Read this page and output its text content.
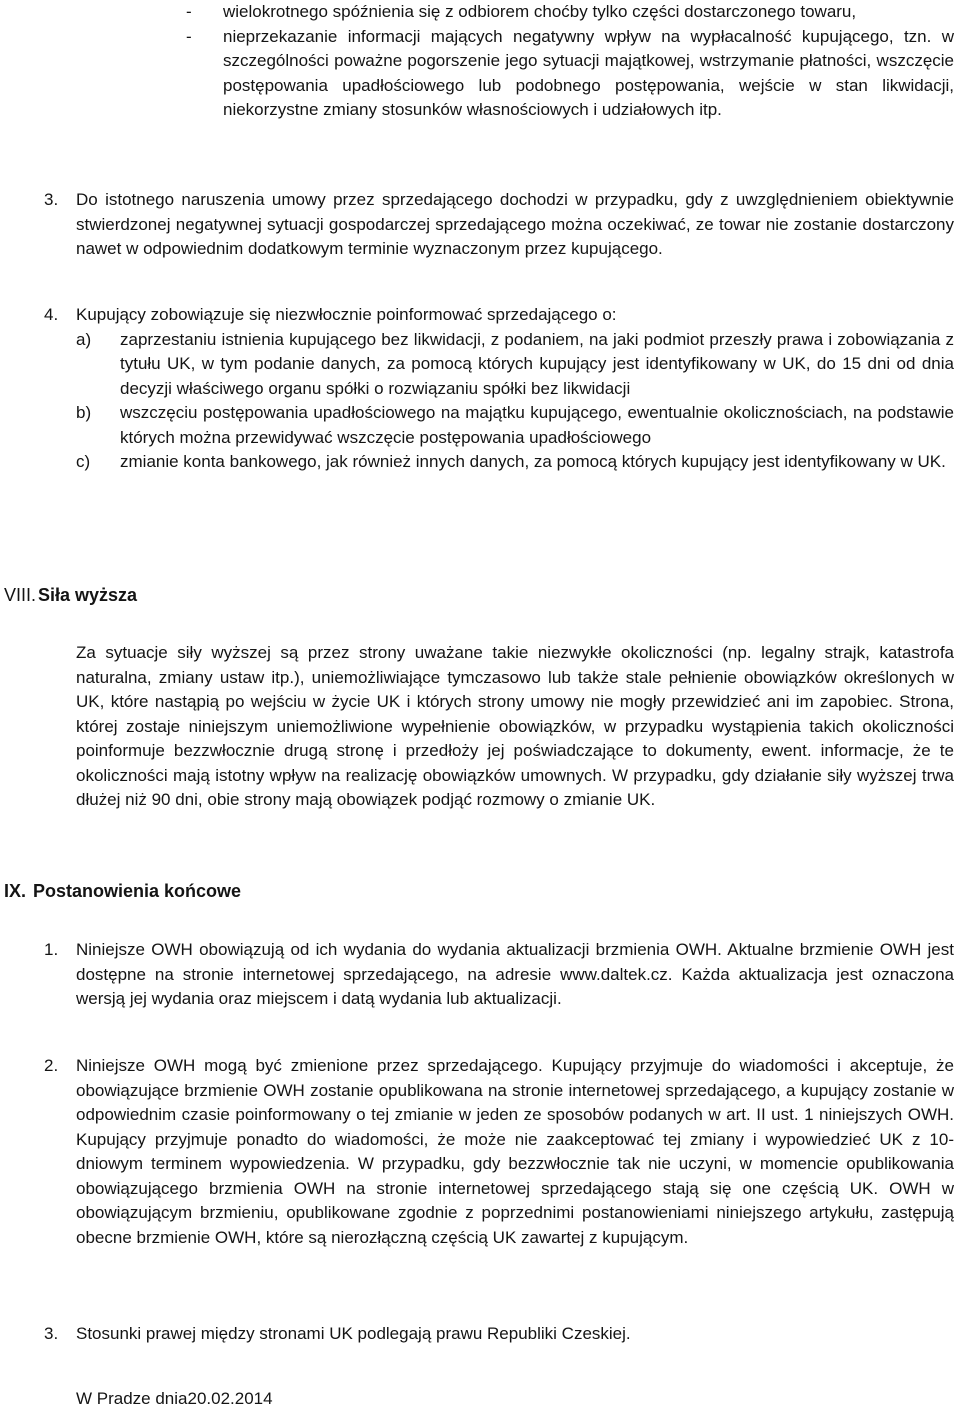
- wielokrotnego spóźnienia się z odbiorem choćby tylko części dostarczonego towaru,

- nieprzekazanie informacji mających negatywny wpływ na wypłacalność kupującego, tzn. w szczególności poważne pogorszenie jego sytuacji majątkowej, wstrzymanie płatności, wszczęcie postępowania upadłościowego lub podobnego postępowania, wejście w stan likwidacji, niekorzystne zmiany stosunków własnościowych i udziałowych itp.

3. Do istotnego naruszenia umowy przez sprzedającego dochodzi w przypadku, gdy z uwzględnieniem obiektywnie stwierdzonej negatywnej sytuacji gospodarczej sprzedającego można oczekiwać, ze towar nie zostanie dostarczony nawet w odpowiednim dodatkowym terminie wyznaczonym przez kupującego.

4. Kupujący zobowiązuje się niezwłocznie poinformować sprzedającego o:

a) zaprzestaniu istnienia kupującego bez likwidacji, z podaniem, na jaki podmiot przeszły prawa i zobowiązania z tytułu UK, w tym podanie danych, za pomocą których kupujący jest identyfikowany w UK, do 15 dni od dnia decyzji właściwego organu spółki o rozwiązaniu spółki bez likwidacji

b) wszczęciu postępowania upadłościowego na majątku kupującego, ewentualnie okolicznościach, na podstawie których można przewidywać wszczęcie postępowania upadłościowego

c) zmianie konta bankowego, jak również innych danych, za pomocą których kupujący jest identyfikowany w UK.

VIII. Siła wyższa

Za sytuacje siły wyższej są przez strony uważane takie niezwykłe okoliczności (np. legalny strajk, katastrofa naturalna, zmiany ustaw itp.), uniemożliwiające tymczasowo lub także stale pełnienie obowiązków określonych w UK, które nastąpią po wejściu w życie UK i których strony umowy nie mogły przewidzieć ani im zapobiec. Strona, której zostaje niniejszym uniemożliwione wypełnienie obowiązków, w przypadku wystąpienia takich okoliczności poinformuje bezzwłocznie drugą stronę i przedłoży jej poświadczające to dokumenty, ewent. informacje, że te okoliczności mają istotny wpływ na realizację obowiązków umownych. W przypadku, gdy działanie siły wyższej trwa dłużej niż 90 dni, obie strony mają obowiązek podjąć rozmowy o zmianie UK.

IX. Postanowienia końcowe
1. Niniejsze OWH obowiązują od ich wydania do wydania aktualizacji brzmienia OWH. Aktualne brzmienie OWH jest dostępne na stronie internetowej sprzedającego, na adresie www.daltek.cz. Każda aktualizacja jest oznaczona wersją jej wydania oraz miejscem i datą wydania lub aktualizacji.

2. Niniejsze OWH mogą być zmienione przez sprzedającego. Kupujący przyjmuje do wiadomości i akceptuje, że obowiązujące brzmienie OWH zostanie opublikowana na stronie internetowej sprzedającego, a kupujący zostanie w odpowiednim czasie poinformowany o tej zmianie w jeden ze sposobów podanych w art. II ust. 1 niniejszych OWH. Kupujący przyjmuje ponadto do wiadomości, że może nie zaakceptować tej zmiany i wypowiedzieć UK z 10-dniowym terminem wypowiedzenia. W przypadku, gdy bezzwłocznie tak nie uczyni, w momencie opublikowania obowiązującego brzmienia OWH na stronie internetowej sprzedającego stają się one częścią UK. OWH w obowiązującym brzmieniu, opublikowane zgodnie z poprzednimi postanowieniami niniejszego artykułu, zastępują obecne brzmienie OWH, które są nierozłączną częścią UK zawartej z kupującym.

3. Stosunki prawej między stronami UK podlegają prawu Republiki Czeskiej.

W Pradze dnia20.02.2014
